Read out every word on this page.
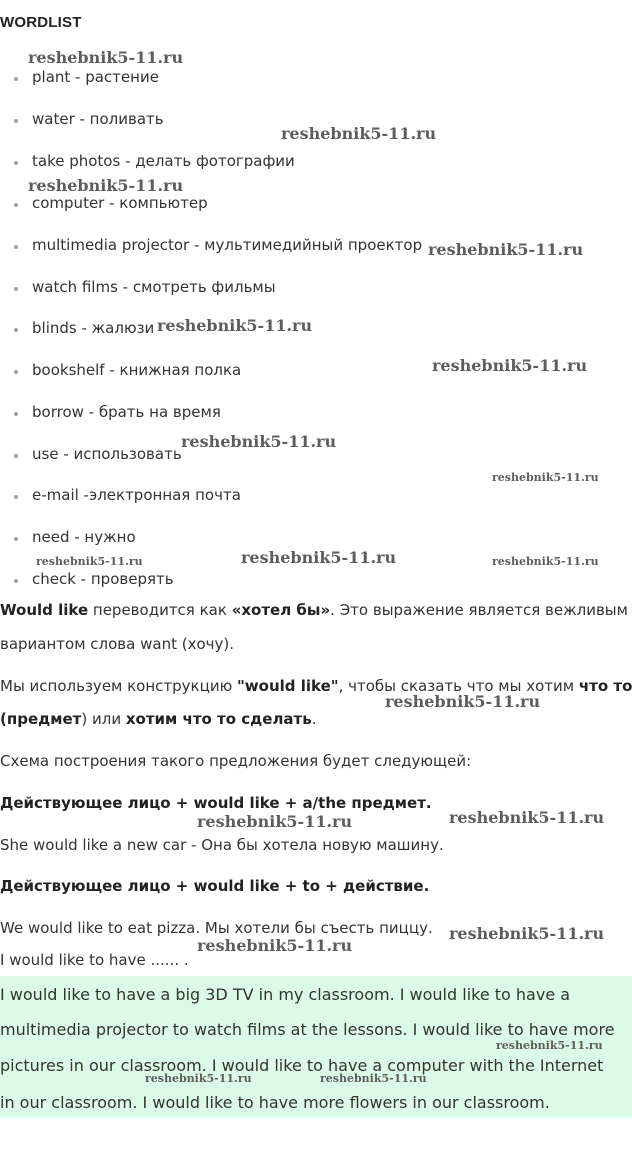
WORDLIST
plant - растение
water - поливать
take photos - делать фотографии
computer - компьютер
multimedia projector - мультимедийный проектор
watch films - смотреть фильмы
blinds - жалюзи
bookshelf - книжная полка
borrow - брать на время
use - использовать
e-mail -электронная почта
need - нужно
check - проверять
Would like переводится как «хотел бы». Это выражение является вежливым
вариантом слова want (хочу).
Мы используем конструкцию "would like", чтобы сказать что мы хотим что то
(предмет) или хотим что то сделать.
Схема построения такого предложения будет следующей:
Действующее лицо + would like + a/the предмет.
She would like a new car - Она бы хотела новую машину.
Действующее лицо + would like + to + действие.
We would like to eat pizza. Мы хотели бы съесть пиццу.
I would like to have ...... .
I would like to have a big 3D TV in my classroom. I would like to have a
multimedia projector to watch films at the lessons. I would like to have more
pictures in our classroom. I would like to have a computer with the Internet
in our classroom. I would like to have more flowers in our classroom.
reshebnik5-11.ru
reshebnik5-11.ru
reshebnik5-11.ru
reshebnik5-11.ru
reshebnik5-11.ru
reshebnik5-11.ru
reshebnik5-11.ru
reshebnik5-11.ru
reshebnik5-11.ru	reshebnik5-11.ru	reshebnik5-11.ru
reshebnik5-11.ru
reshebnik5-11.ru	reshebnik5-11.ru
reshebnik5-11.ru
reshebnik5-11.ru
reshebnik5-11.ru
reshebnik5-11.ru	reshebnik5-11.ru
